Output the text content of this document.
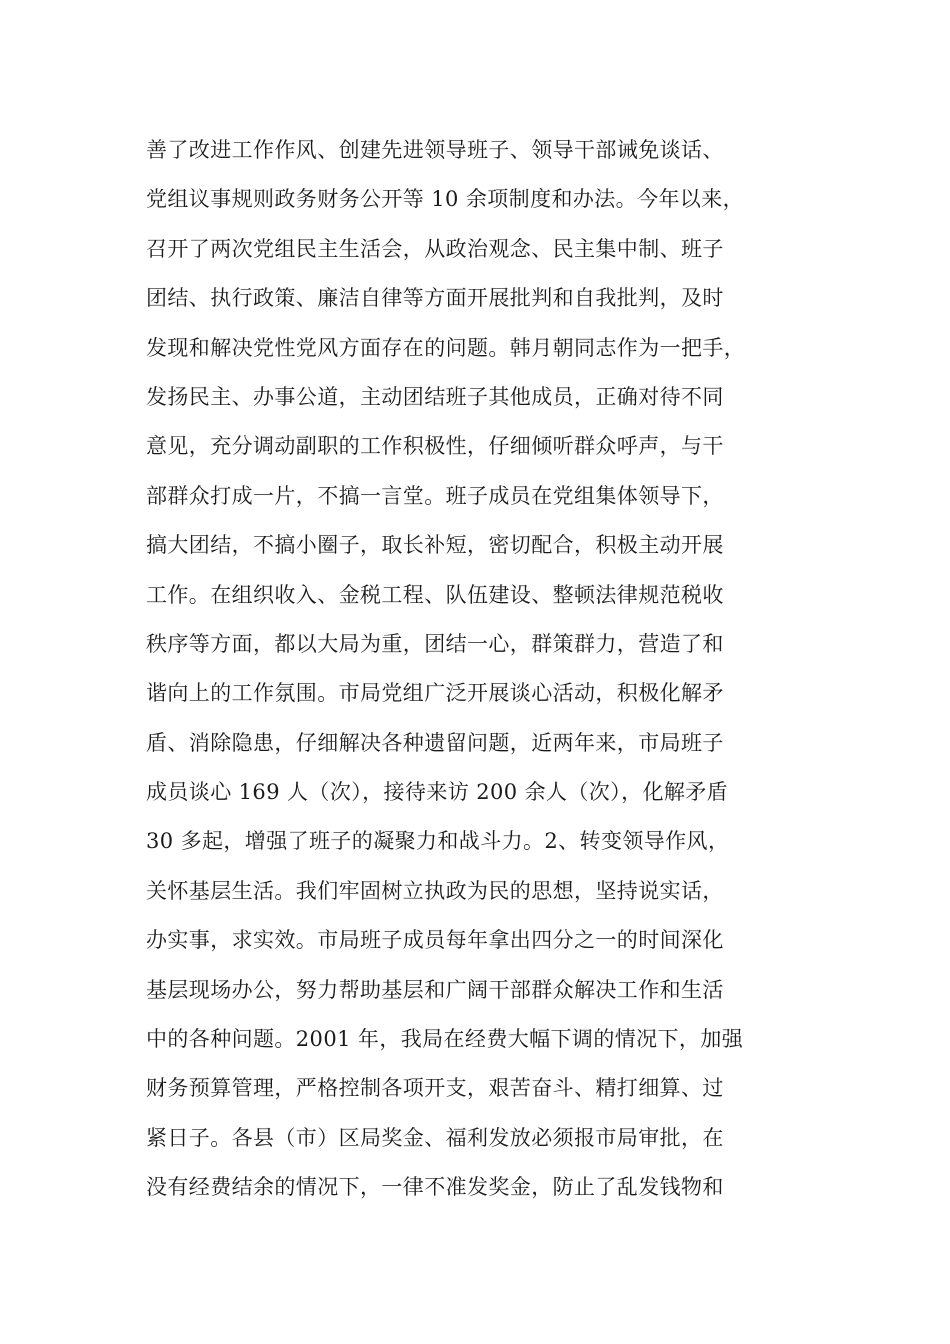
善了改进工作作风、创建先进领导班子、领导干部诫免谈话、
党组议事规则政务财务公开等 10 余项制度和办法。今年以来，
召开了两次党组民主生活会，从政治观念、民主集中制、班子
团结、执行政策、廉洁自律等方面开展批判和自我批判，及时
发现和解决党性党风方面存在的问题。韩月朝同志作为一把手，
发扬民主、办事公道，主动团结班子其他成员，正确对待不同
意见，充分调动副职的工作积极性，仔细倾听群众呼声，与干
部群众打成一片，不搞一言堂。班子成员在党组集体领导下，
搞大团结，不搞小圈子，取长补短，密切配合，积极主动开展
工作。在组织收入、金税工程、队伍建设、整顿法律规范税收
秩序等方面，都以大局为重，团结一心，群策群力，营造了和
谐向上的工作氛围。市局党组广泛开展谈心活动，积极化解矛
盾、消除隐患，仔细解决各种遗留问题，近两年来，市局班子
成员谈心 169 人（次），接待来访 200 余人（次），化解矛盾
30 多起，增强了班子的凝聚力和战斗力。2、转变领导作风，
关怀基层生活。我们牢固树立执政为民的思想，坚持说实话，
办实事，求实效。市局班子成员每年拿出四分之一的时间深化
基层现场办公，努力帮助基层和广阔干部群众解决工作和生活
中的各种问题。2001 年，我局在经费大幅下调的情况下，加强
财务预算管理，严格控制各项开支，艰苦奋斗、精打细算、过
紧日子。各县（市）区局奖金、福利发放必须报市局审批，在
没有经费结余的情况下，一律不准发奖金，防止了乱发钱物和
